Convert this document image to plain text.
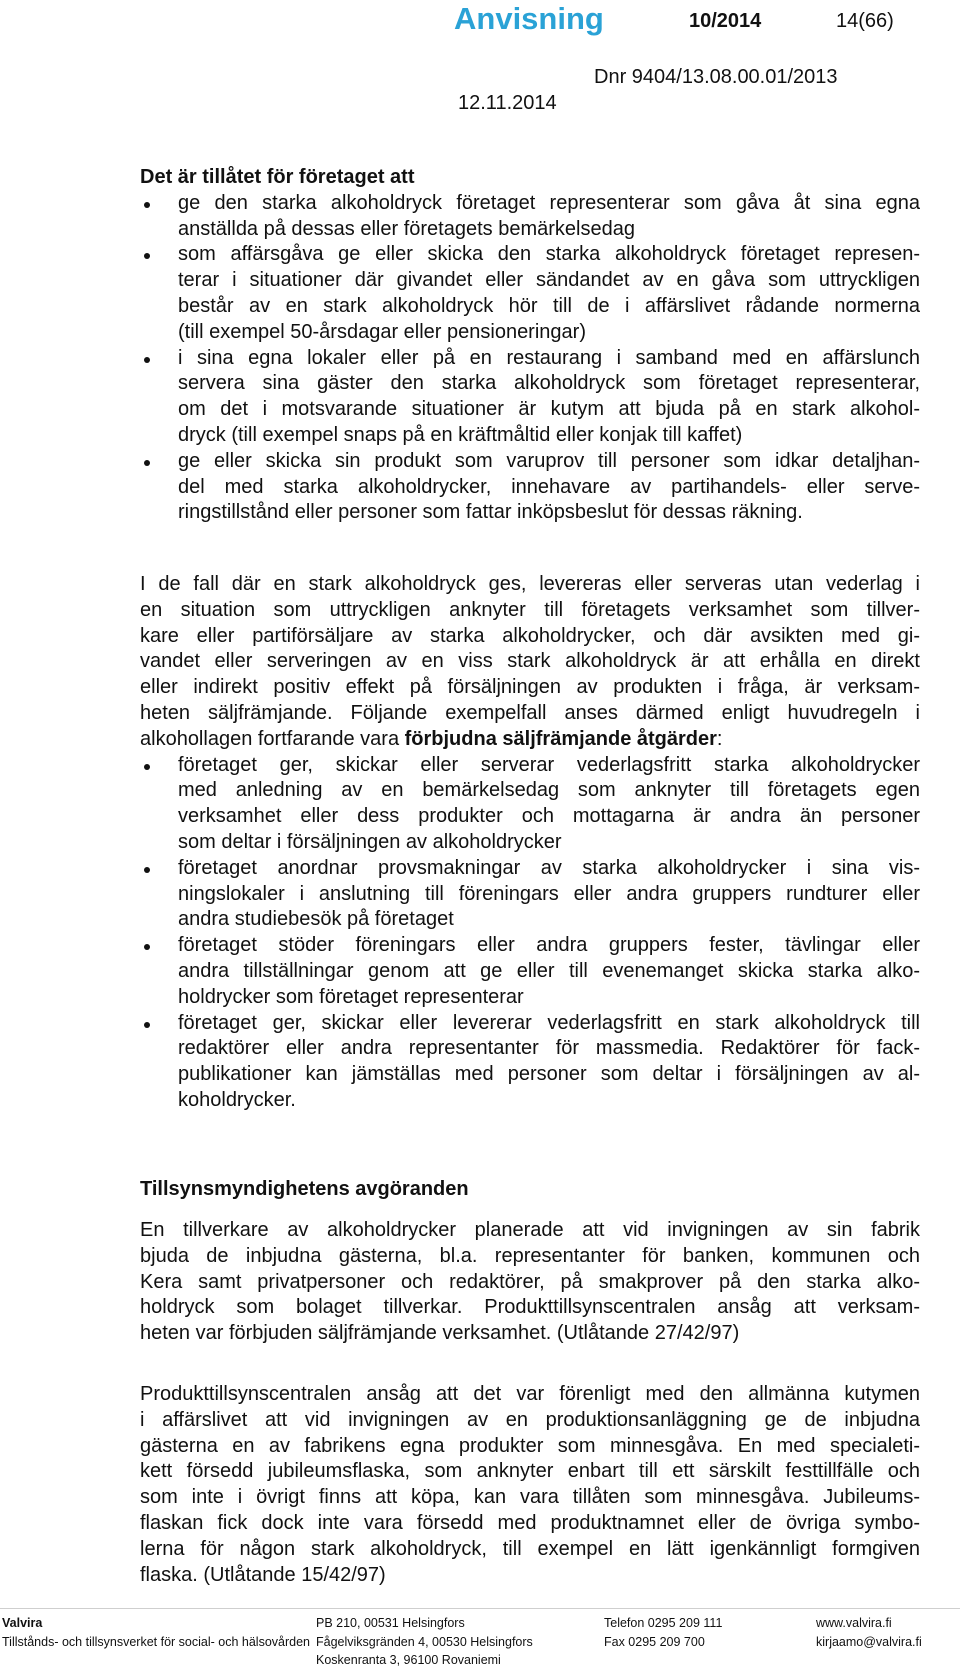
Anvisning	10/2014	14(66)
Dnr 9404/13.08.00.01/2013
12.11.2014
Det är tillåtet för företaget att
ge den starka alkoholdryck företaget representerar som gåva åt sina egna
anställda på dessas eller företagets bemärkelsedag
som affärsgåva ge eller skicka den starka alkoholdryck företaget represen-
terar i situationer där givandet eller sändandet av en gåva som uttryckligen
består av en stark alkoholdryck hör till de i affärslivet rådande normerna
(till exempel 50-årsdagar eller pensioneringar)
i sina egna lokaler eller på en restaurang i samband med en affärslunch
servera sina gäster den starka alkoholdryck som företaget representerar,
om det i motsvarande situationer är kutym att bjuda på en stark alkohol-
dryck (till exempel snaps på en kräftmåltid eller konjak till kaffet)
ge eller skicka sin produkt som varuprov till personer som idkar detaljhan-
del med starka alkoholdrycker, innehavare av partihandels- eller serve-
ringstillstånd eller personer som fattar inköpsbeslut för dessas räkning.

I de fall där en stark alkoholdryck ges, levereras eller serveras utan vederlag i
en situation som uttryckligen anknyter till företagets verksamhet som tillver-
kare eller partiförsäljare av starka alkoholdrycker, och där avsikten med gi-
vandet eller serveringen av en viss stark alkoholdryck är att erhålla en direkt
eller indirekt positiv effekt på försäljningen av produkten i fråga, är verksam-
heten säljfrämjande. Följande exempelfall anses därmed enligt huvudregeln i

alkohollagen fortfarande vara förbjudna säljfrämjande åtgärder:
företaget ger, skickar eller serverar vederlagsfritt starka alkoholdrycker
med anledning av en bemärkelsedag som anknyter till företagets egen
verksamhet eller dess produkter och mottagarna är andra än personer
som deltar i försäljningen av alkoholdrycker
företaget anordnar provsmakningar av starka alkoholdrycker i sina vis-
ningslokaler i anslutning till föreningars eller andra gruppers rundturer eller
andra studiebesök på företaget
företaget stöder föreningars eller andra gruppers fester, tävlingar eller
andra tillställningar genom att ge eller till evenemanget skicka starka alko-
holdrycker som företaget representerar
företaget ger, skickar eller levererar vederlagsfritt en stark alkoholdryck till
redaktörer eller andra representanter för massmedia. Redaktörer för fack-
publikationer kan jämställas med personer som deltar i försäljningen av al-
koholdrycker.
Tillsynsmyndighetens avgöranden
En tillverkare av alkoholdrycker planerade att vid invigningen av sin fabrik
bjuda de inbjudna gästerna, bl.a. representanter för banken, kommunen och
Kera samt privatpersoner och redaktörer, på smakprover på den starka alko-
holdryck som bolaget tillverkar. Produkttillsynscentralen ansåg att verksam-
heten var förbjuden säljfrämjande verksamhet. (Utlåtande 27/42/97)
Produkttillsynscentralen ansåg att det var förenligt med den allmänna kutymen
i affärslivet att vid invigningen av en produktionsanläggning ge de inbjudna
gästerna en av fabrikens egna produkter som minnesgåva. En med specialeti-
kett försedd jubileumsflaska, som anknyter enbart till ett särskilt festtillfälle och
som inte i övrigt finns att köpa, kan vara tillåten som minnesgåva. Jubileums-
flaskan fick dock inte vara försedd med produktnamnet eller de övriga symbo-
lerna för någon stark alkoholdryck, till exempel en lätt igenkännligt formgiven
flaska. (Utlåtande 15/42/97)
Valvira
Tillstånds- och tillsynsverket för social- och hälsovården
PB 210, 00531 Helsingfors
Fågelviksgränden 4, 00530 Helsingfors
Koskenranta 3, 96100 Rovaniemi
Telefon 0295 209 111
Fax 0295 209 700
www.valvira.fi
kirjaamo@valvira.fi
